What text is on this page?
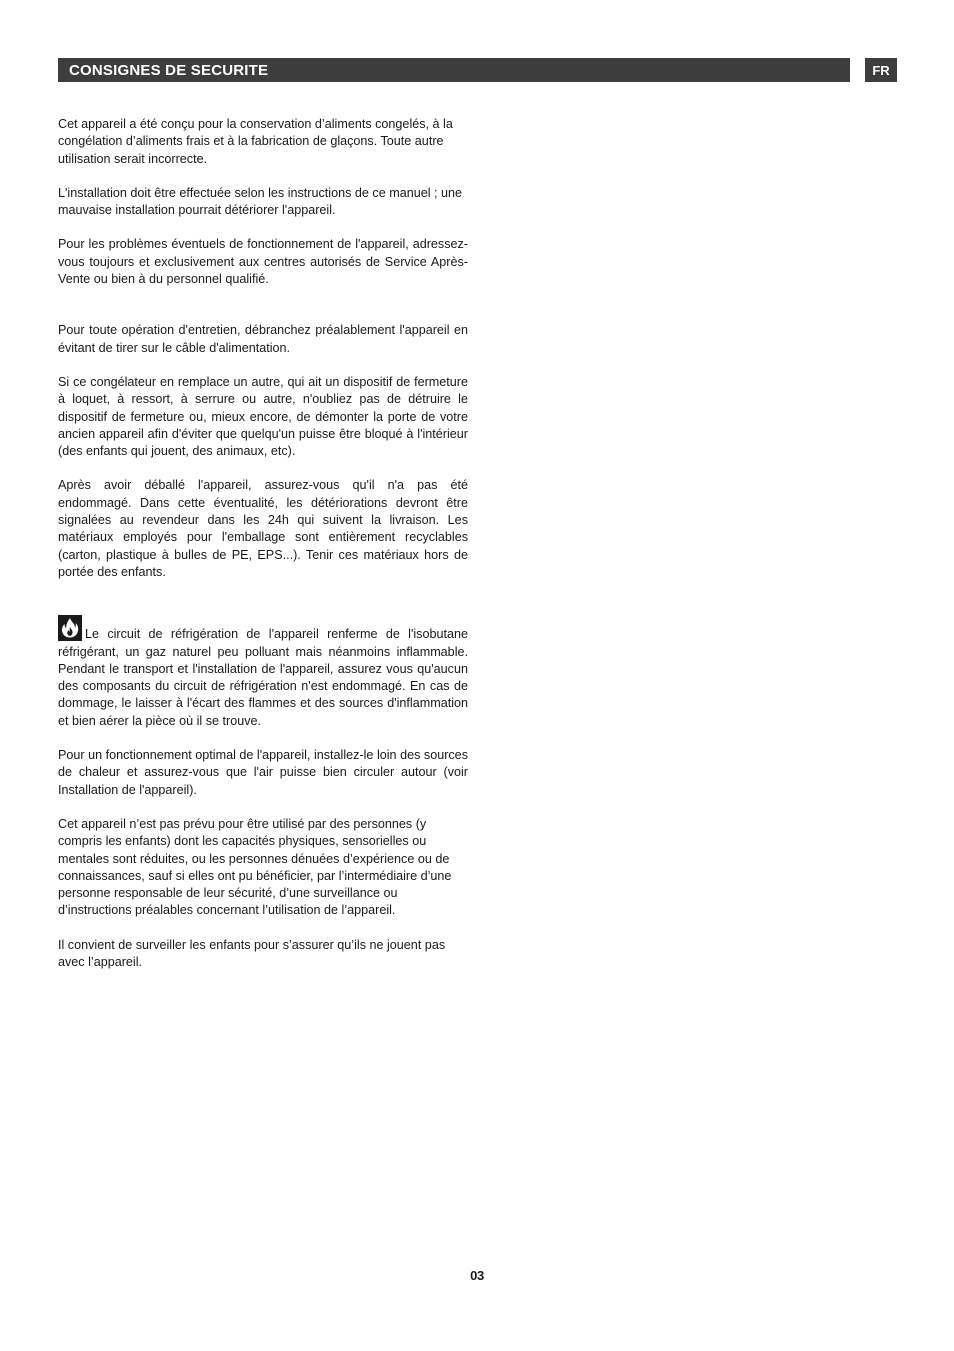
CONSIGNES DE SECURITE	FR

Cet appareil a été conçu pour la conservation d’aliments congelés, à la congélation d’aliments frais et à la fabrication de glaçons. Toute autre utilisation serait incorrecte.

L'installation doit être effectuée selon les instructions de ce manuel ; une mauvaise installation pourrait détériorer l'appareil.

Pour les problèmes éventuels de fonctionnement de l'appareil, adressez-vous toujours et exclusivement aux centres autorisés de Service Après-Vente ou bien à du personnel qualifié.

Pour toute opération d'entretien, débranchez préalablement l'appareil en évitant de tirer sur le câble d'alimentation.

Si ce congélateur en remplace un autre, qui ait un dispositif de fermeture à loquet, à ressort, à serrure ou autre, n'oubliez pas de détruire le dispositif de fermeture ou, mieux encore, de démonter la porte de votre ancien appareil afin d'éviter que quelqu'un puisse être bloqué à l'intérieur (des enfants qui jouent, des animaux, etc).

Après avoir déballé l'appareil, assurez-vous qu'il n'a pas été endommagé. Dans cette éventualité, les détériorations devront être signalées au revendeur dans les 24h qui suivent la livraison. Les matériaux employés pour l'emballage sont entièrement recyclables (carton, plastique à bulles de PE, EPS...). Tenir ces matériaux hors de portée des enfants.

Le circuit de réfrigération de l'appareil renferme de l'isobutane réfrigérant, un gaz naturel peu polluant mais néanmoins inflammable. Pendant le transport et l'installation de l'appareil, assurez vous qu'aucun des composants du circuit de réfrigération n'est endommagé. En cas de dommage, le laisser à l'écart des flammes et des sources d'inflammation et bien aérer la pièce où il se trouve.

Pour un fonctionnement optimal de l'appareil, installez-le loin des sources de chaleur et assurez-vous que l'air puisse bien circuler autour (voir Installation de l'appareil).

Cet appareil n’est pas prévu pour être utilisé par des personnes (y compris les enfants) dont les capacités physiques, sensorielles ou mentales sont réduites, ou les personnes dénuées d’expérience ou de connaissances, sauf si elles ont pu bénéficier, par l’intermédiaire d’une personne responsable de leur sécurité, d’une surveillance ou d’instructions préalables concernant l’utilisation de l’appareil.

Il convient de surveiller les enfants pour s’assurer qu’ils ne jouent pas avec l’appareil.

03
